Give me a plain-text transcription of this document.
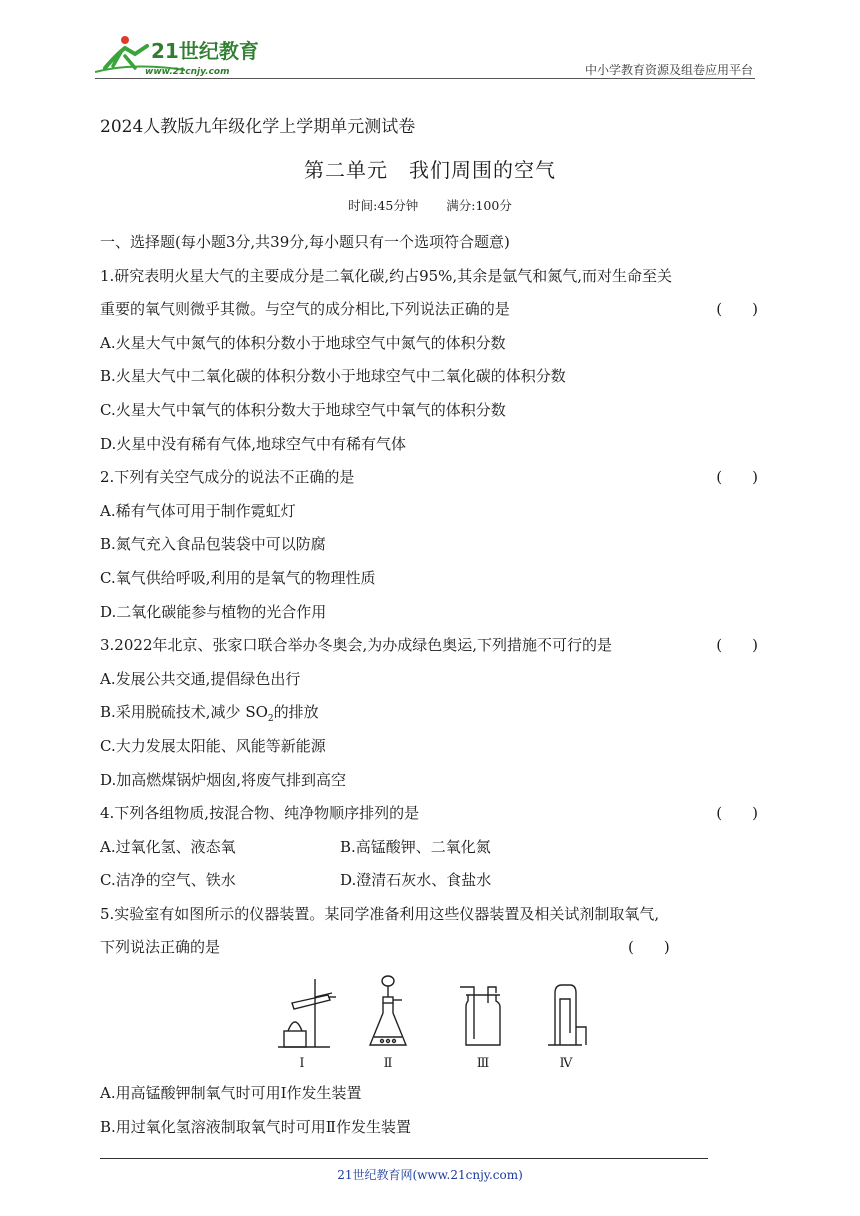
21世纪教育
www.21cnjy.com	中小学教育资源及组卷应用平台
2024人教版九年级化学上学期单元测试卷
第二单元　我们周围的空气
时间:45分钟 满分:100分
一、选择题(每小题3分,共39分,每小题只有一个选项符合题意)
1.研究表明火星大气的主要成分是二氧化碳,约占95%,其余是氩气和氮气,而对生命至关
重要的氧气则微乎其微。与空气的成分相比,下列说法正确的是	(　　)
A.火星大气中氮气的体积分数小于地球空气中氮气的体积分数
B.火星大气中二氧化碳的体积分数小于地球空气中二氧化碳的体积分数
C.火星大气中氧气的体积分数大于地球空气中氧气的体积分数
D.火星中没有稀有气体,地球空气中有稀有气体
2.下列有关空气成分的说法不正确的是	(　　)
A.稀有气体可用于制作霓虹灯
B.氮气充入食品包装袋中可以防腐
C.氧气供给呼吸,利用的是氧气的物理性质
D.二氧化碳能参与植物的光合作用
3.2022年北京、张家口联合举办冬奥会,为办成绿色奥运,下列措施不可行的是	(　　)
A.发展公共交通,提倡绿色出行
B.采用脱硫技术,减少 $SO_2$的排放
C.大力发展太阳能、风能等新能源
D.加高燃煤锅炉烟囱,将废气排到高空
4.下列各组物质,按混合物、纯净物顺序排列的是	(　　)
A.过氧化氢、液态氧	B.高锰酸钾、二氧化氮
C.洁净的空气、铁水	D.澄清石灰水、食盐水
5.实验室有如图所示的仪器装置。某同学准备利用这些仪器装置及相关试剂制取氧气,
下列说法正确的是	(　　)
Ⅰ	Ⅱ	Ⅲ	Ⅳ
A.用高锰酸钾制氧气时可用Ⅰ作发生装置
B.用过氧化氢溶液制取氧气时可用Ⅱ作发生装置
21世纪教育网(www.21cnjy.com)
